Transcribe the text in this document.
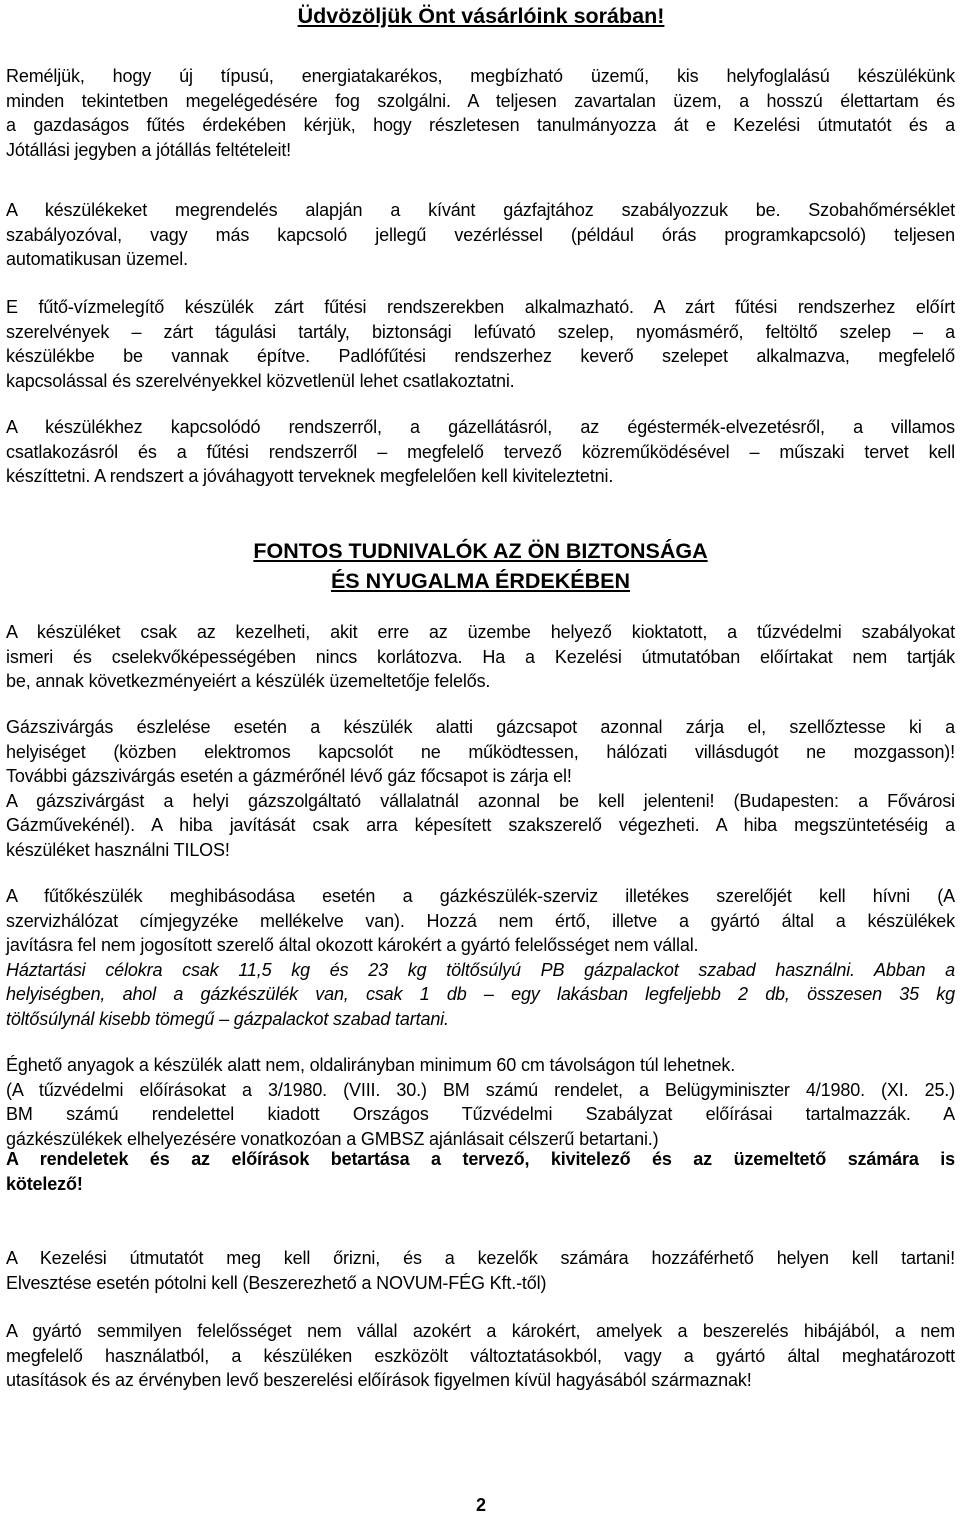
Üdvözöljük Önt vásárlóink sorában!
Reméljük, hogy új típusú, energiatakarékos, megbízható üzemű, kis helyfoglalású készülékünk
minden tekintetben megelégedésére fog szolgálni. A teljesen zavartalan üzem, a hosszú élettartam és
a gazdaságos fűtés érdekében kérjük, hogy részletesen tanulmányozza át e Kezelési útmutatót és a
Jótállási jegyben a jótállás feltételeit!
A készülékeket megrendelés alapján a kívánt gázfajtához szabályozzuk be. Szobahőmérséklet
szabályozóval, vagy más kapcsoló jellegű vezérléssel (például órás programkapcsoló) teljesen
automatikusan üzemel.
E fűtő-vízmelegítő készülék zárt fűtési rendszerekben alkalmazható. A zárt fűtési rendszerhez előírt
szerelvények – zárt tágulási tartály, biztonsági lefúvató szelep, nyomásmérő, feltöltő szelep – a
készülékbe be vannak építve. Padlófűtési rendszerhez keverő szelepet alkalmazva, megfelelő
kapcsolással és szerelvényekkel közvetlenül lehet csatlakoztatni.
A készülékhez kapcsolódó rendszerről, a gázellátásról, az égéstermék-elvezetésről, a villamos
csatlakozásról és a fűtési rendszerről – megfelelő tervező közreműködésével – műszaki tervet kell
készíttetni. A rendszert a jóváhagyott terveknek megfelelően kell kiviteleztetni.
FONTOS TUDNIVALÓK AZ ÖN BIZTONSÁGA
ÉS NYUGALMA ÉRDEKÉBEN
A készüléket csak az kezelheti, akit erre az üzembe helyező kioktatott, a tűzvédelmi szabályokat
ismeri és cselekvőképességében nincs korlátozva. Ha a Kezelési útmutatóban előírtakat nem tartják
be, annak következményeiért a készülék üzemeltetője felelős.
Gázszivárgás észlelése esetén a készülék alatti gázcsapot azonnal zárja el, szellőztesse ki a
helyiséget (közben elektromos kapcsolót ne működtessen, hálózati villásdugót ne mozgasson)!
További gázszivárgás esetén a gázmérőnél lévő gáz főcsapot is zárja el!
A gázszivárgást a helyi gázszolgáltató vállalatnál azonnal be kell jelenteni! (Budapesten: a Fővárosi
Gázművekénél). A hiba javítását csak arra képesített szakszerelő végezheti. A hiba megszüntetéséig a
készüléket használni TILOS!
A fűtőkészülék meghibásodása esetén a gázkészülék-szerviz illetékes szerelőjét kell hívni (A
szervizhálózat címjegyzéke mellékelve van). Hozzá nem értő, illetve a gyártó által a készülékek
javításra fel nem jogosított szerelő által okozott károkért a gyártó felelősséget nem vállal.
Háztartási célokra csak 11,5 kg és 23 kg töltősúlyú PB gázpalackot szabad használni. Abban a
helyiségben, ahol a gázkészülék van, csak 1 db – egy lakásban legfeljebb 2 db, összesen 35 kg
töltősúlynál kisebb tömegű – gázpalackot szabad tartani.
Éghető anyagok a készülék alatt nem, oldalirányban minimum 60 cm távolságon túl lehetnek.
(A tűzvédelmi előírásokat a 3/1980. (VIII. 30.) BM számú rendelet, a Belügyminiszter 4/1980. (XI. 25.)
BM számú rendelettel kiadott Országos Tűzvédelmi Szabályzat előírásai tartalmazzák. A
gázkészülékek elhelyezésére vonatkozóan a GMBSZ ajánlásait célszerű betartani.)
A rendeletek és az előírások betartása a tervező, kivitelező és az üzemeltető számára is
kötelező!
A Kezelési útmutatót meg kell őrizni, és a kezelők számára hozzáférhető helyen kell tartani!
Elvesztése esetén pótolni kell (Beszerezhető a NOVUM-FÉG Kft.-től)
A gyártó semmilyen felelősséget nem vállal azokért a károkért, amelyek a beszerelés hibájából, a nem
megfelelő használatból, a készüléken eszközölt változtatásokból, vagy a gyártó által meghatározott
utasítások és az érvényben levő beszerelési előírások figyelmen kívül hagyásából származnak!
2
